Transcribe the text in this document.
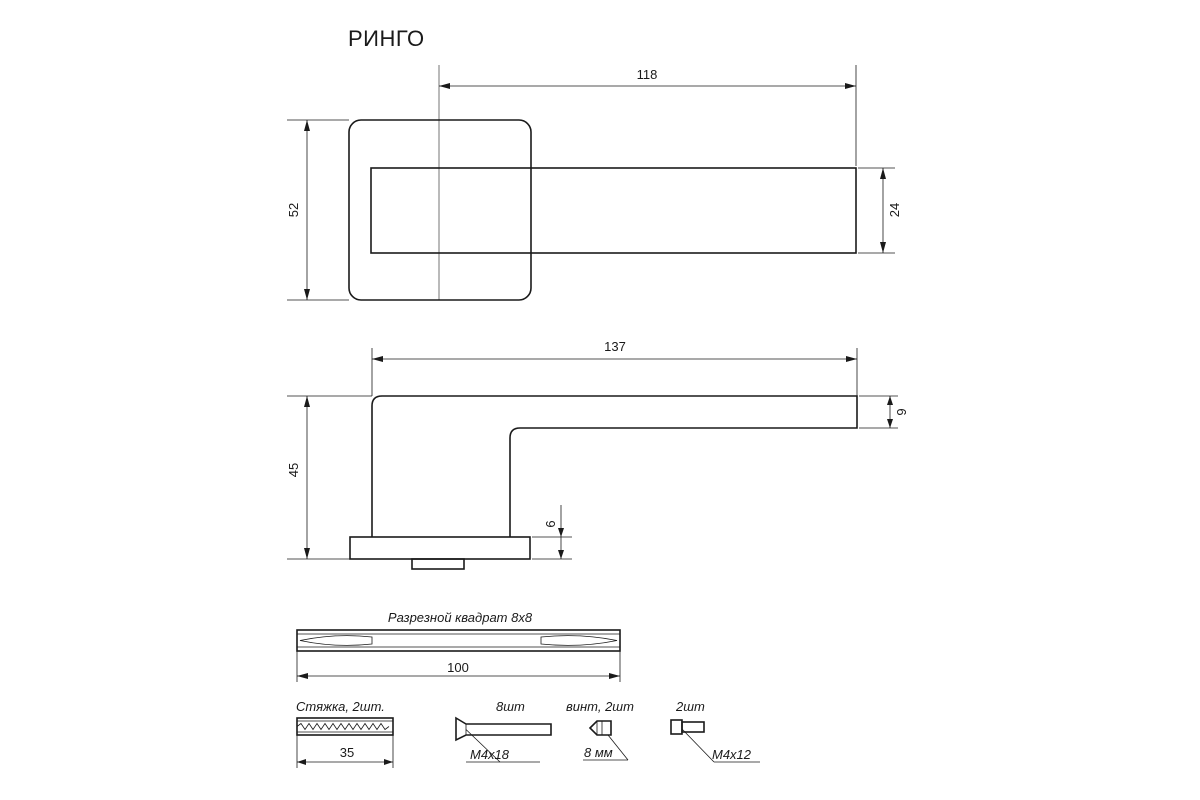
РИНГО
118
52	24
137
45
9
6
Разрезной квадрат 8х8
100
Стяжка, 2шт.
35
8шт
М4х18
винт, 2шт
8 мм
2шт
М4х12
